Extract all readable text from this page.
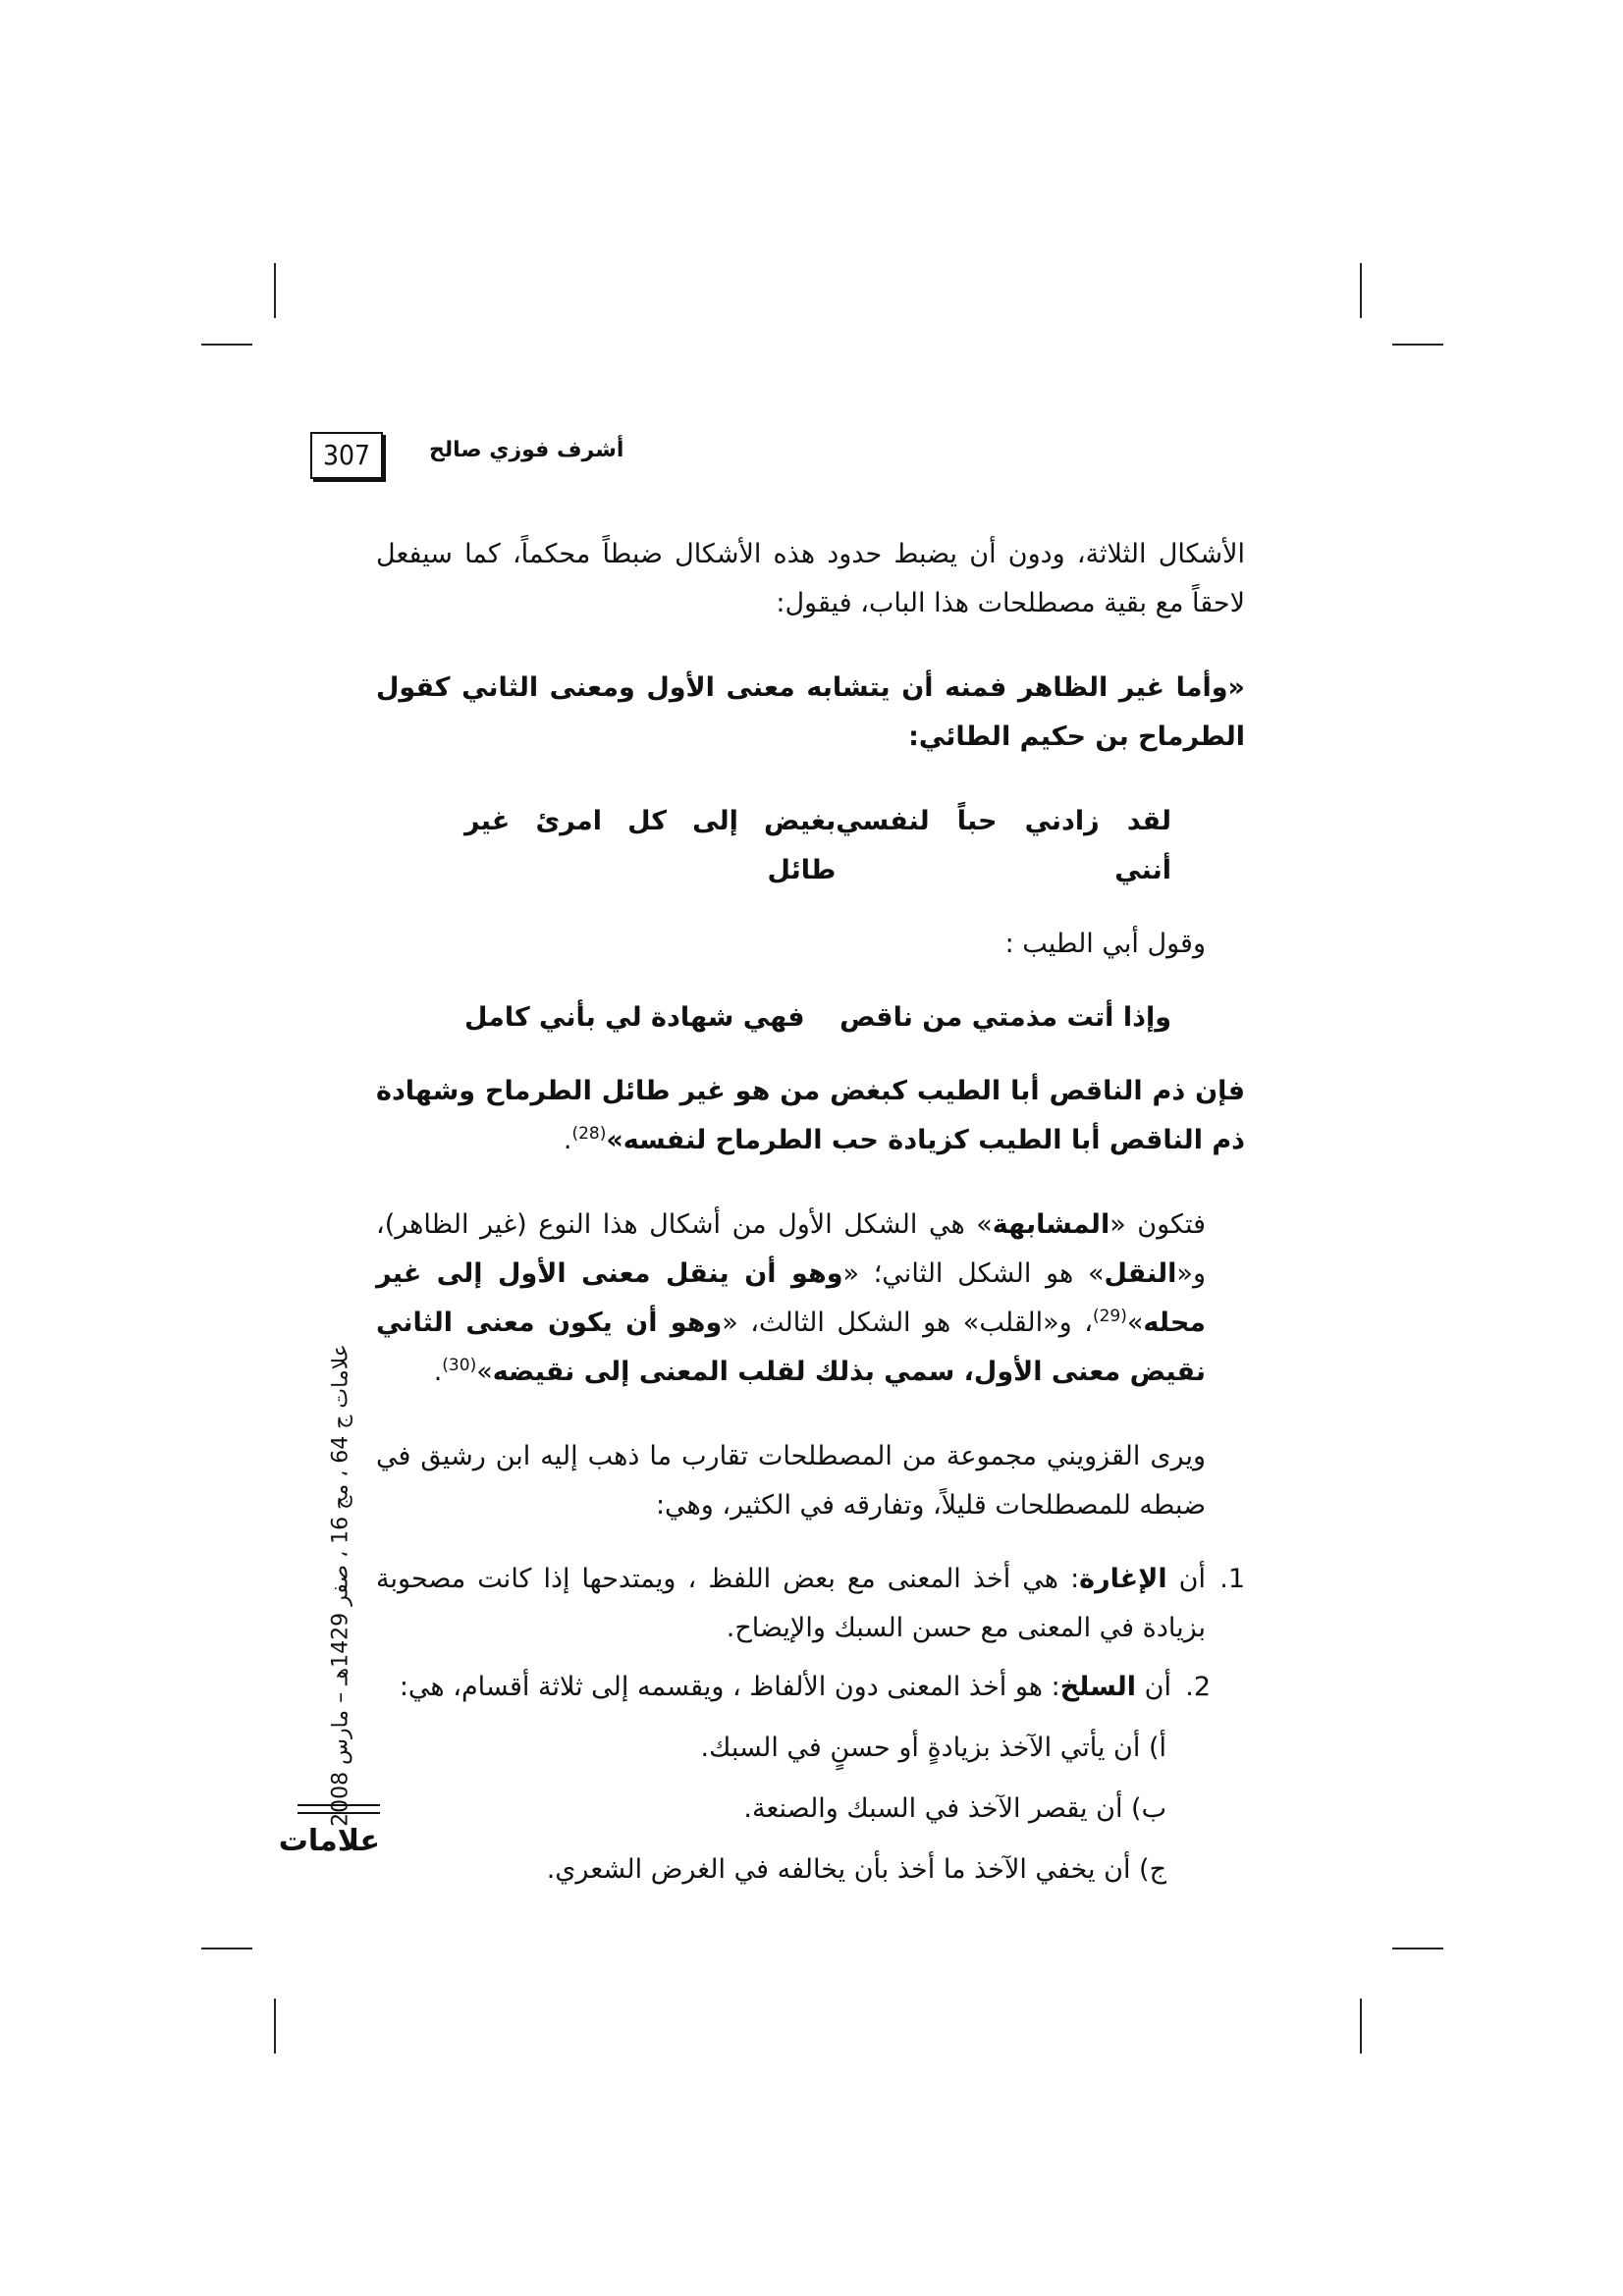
307	أشرف فوزي صالح

الأشكال الثلاثة، ودون أن يضبط حدود هذه الأشكال ضبطاً محكماً، كما سيفعل لاحقاً مع بقية مصطلحات هذا الباب، فيقول:

«وأما غير الظاهر فمنه أن يتشابه معنى الأول ومعنى الثاني كقول الطرماح بن حكيم الطائي:

لقد زادني حباً لنفسي أنني
بغيض إلى كل امرئ غير طائل

وقول أبي الطيب :

وإذا أتت مذمتي من ناقص
فهي شهادة لي بأني كامل

فإن ذم الناقص أبا الطيب كبغض من هو غير طائل الطرماح وشهادة ذم الناقص أبا الطيب كزيادة حب الطرماح لنفسه»$^{(28)}$.

فتكون «المشابهة» هي الشكل الأول من أشكال هذا النوع (غير الظاهر)، و«النقل» هو الشكل الثاني؛ «وهو أن ينقل معنى الأول إلى غير محله»$^{(29)}$، و«القلب» هو الشكل الثالث، «وهو أن يكون معنى الثاني نقيض معنى الأول، سمي بذلك لقلب المعنى إلى نقيضه»$^{(30)}$.

ويرى القزويني مجموعة من المصطلحات تقارب ما ذهب إليه ابن رشيق في ضبطه للمصطلحات قليلاً، وتفارقه في الكثير، وهي:

1.
أن الإغارة: هي أخذ المعنى مع بعض اللفظ ، ويمتدحها إذا كانت مصحوبة بزيادة في المعنى مع حسن السبك والإيضاح.
2.
أن السلخ: هو أخذ المعنى دون الألفاظ ، ويقسمه إلى ثلاثة أقسام، هي:

أ) أن يأتي الآخذ بزيادةٍ أو حسنٍ في السبك.

ب) أن يقصر الآخذ في السبك والصنعة.

ج) أن يخفي الآخذ ما أخذ بأن يخالفه في الغرض الشعري.

علامات ج 64 ، مج 16 ، صفر 1429هـ – مارس 2008
علامات
